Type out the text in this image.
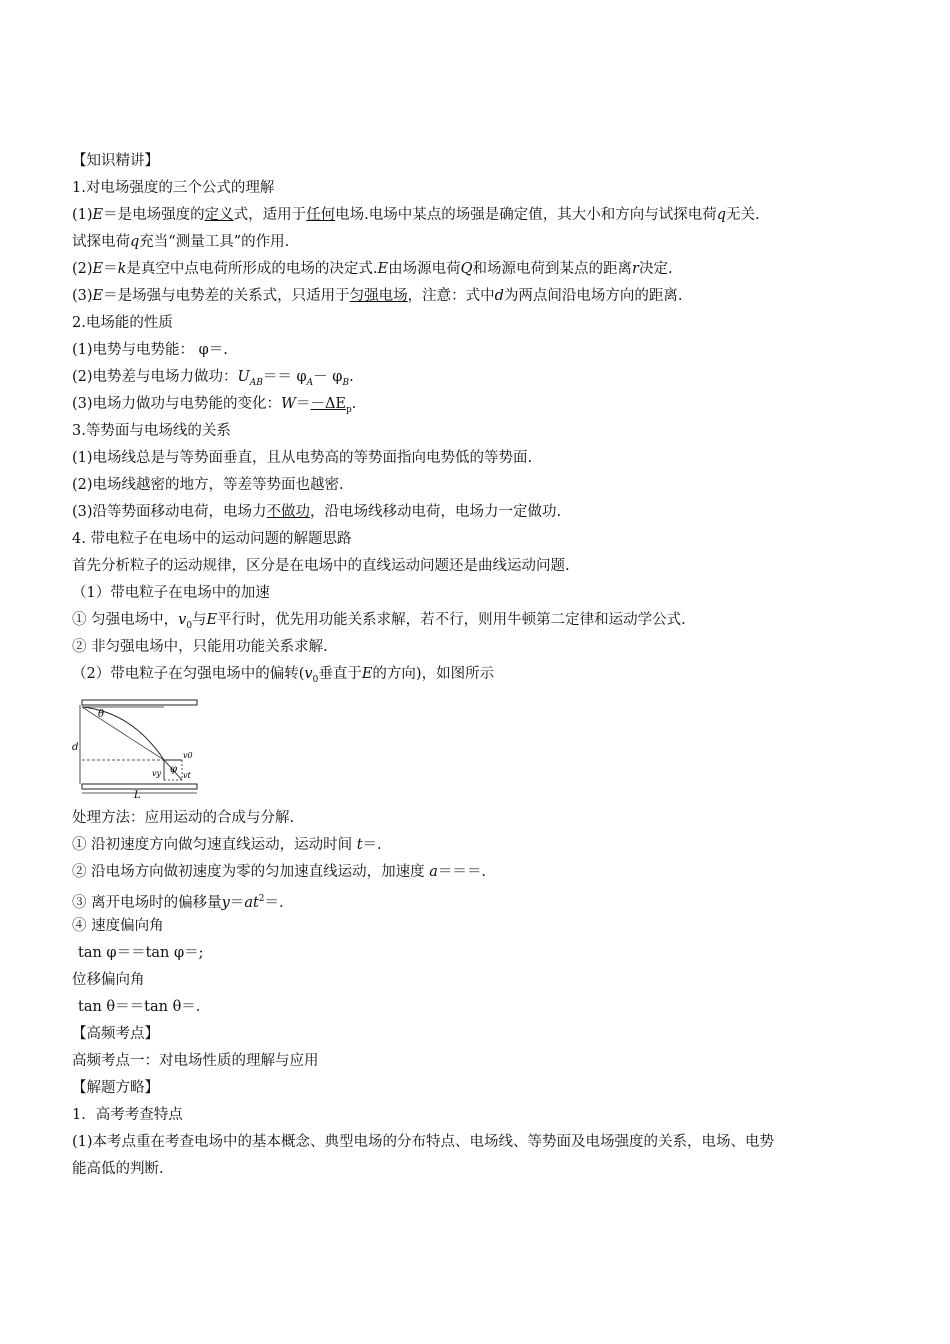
【知识精讲】
1.对电场强度的三个公式的理解
(1)E＝是电场强度的定义式，适用于任何电场.电场中某点的场强是确定值，其大小和方向与试探电荷q无关.
试探电荷q充当“测量工具”的作用.
(2)E＝k是真空中点电荷所形成的电场的决定式.E由场源电荷Q和场源电荷到某点的距离r决定.
(3)E＝是场强与电势差的关系式，只适用于匀强电场，注意：式中d为两点间沿电场方向的距离.
2.电场能的性质
(1)电势与电势能： φ＝.
(2)电势差与电场力做功：$U_{AB}== \varphi_A- \varphi_B$.
(3)电场力做功与电势能的变化：$W=-\Delta E_p$.
3.等势面与电场线的关系
(1)电场线总是与等势面垂直，且从电势高的等势面指向电势低的等势面.
(2)电场线越密的地方，等差等势面也越密.
(3)沿等势面移动电荷，电场力不做功，沿电场线移动电荷，电场力一定做功.
4. 带电粒子在电场中的运动问题的解题思路
首先分析粒子的运动规律，区分是在电场中的直线运动问题还是曲线运动问题.
（1）带电粒子在电场中的加速
① 匀强电场中，$v_0$与E平行时，优先用功能关系求解，若不行，则用牛顿第二定律和运动学公式.
② 非匀强电场中，只能用功能关系求解.
（2）带电粒子在匀强电场中的偏转($v_0$垂直于E的方向)，如图所示
θ
φ
d
L
v0
vy	vt
处理方法：应用运动的合成与分解.
① 沿初速度方向做匀速直线运动，运动时间 t＝.
② 沿电场方向做初速度为零的匀加速直线运动，加速度 a＝＝＝.
③ 离开电场时的偏移量$y=at^2=$.
④ 速度偏向角
tan φ＝＝tan φ＝;
位移偏向角
tan θ＝＝tan θ＝.
【高频考点】
高频考点一：对电场性质的理解与应用
【解题方略】
1．高考考查特点
(1)本考点重在考查电场中的基本概念、典型电场的分布特点、电场线、等势面及电场强度的关系，电场、电势
能高低的判断.
